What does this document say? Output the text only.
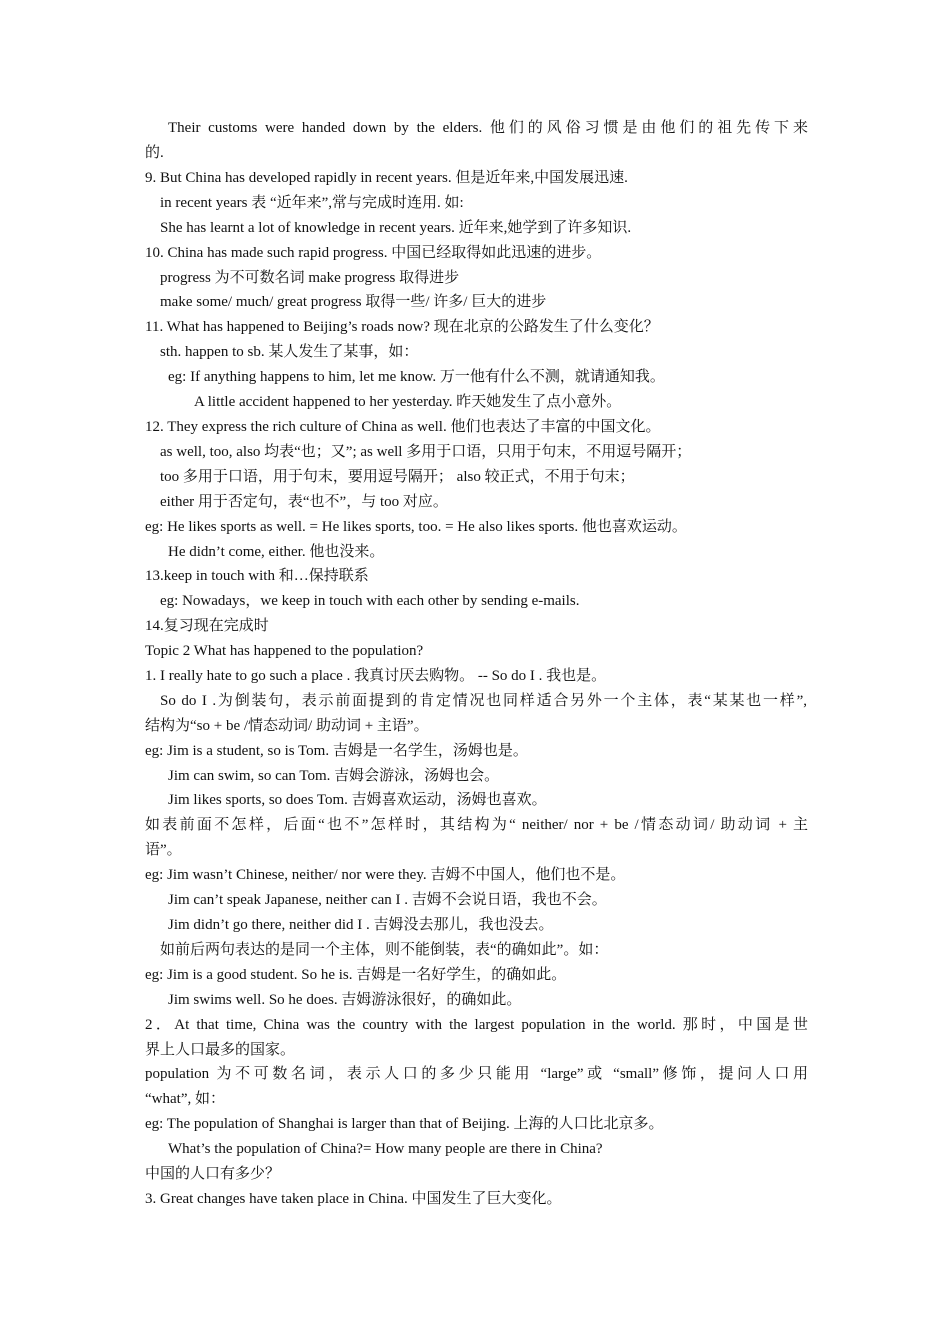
Their customs were handed down by the elders. 他们的风俗习惯是由他们的祖先传下来
的.
9. But China has developed rapidly in recent years. 但是近年来,中国发展迅速.
in recent years 表 “近年来”,常与完成时连用. 如:
She has learnt a lot of knowledge in recent years. 近年来,她学到了许多知识.
10. China has made such rapid progress. 中国已经取得如此迅速的进步。
progress 为不可数名词 make progress 取得进步
make some/ much/ great progress 取得一些/ 许多/ 巨大的进步
11. What has happened to Beijing’s roads now? 现在北京的公路发生了什么变化？
sth. happen to sb. 某人发生了某事，如：
eg: If anything happens to him, let me know. 万一他有什么不测，就请通知我。
A little accident happened to her yesterday. 昨天她发生了点小意外。
12. They express the rich culture of China as well. 他们也表达了丰富的中国文化。
as well, too, also 均表“也；又”; as well 多用于口语，只用于句末，不用逗号隔开；
too 多用于口语，用于句末，要用逗号隔开； also 较正式，不用于句末；
either 用于否定句，表“也不”，与 too 对应。
eg: He likes sports as well. = He likes sports, too. = He also likes sports. 他也喜欢运动。
He didn’t come, either. 他也没来。
13.keep in touch with 和…保持联系
eg: Nowadays，we keep in touch with each other by sending e-mails.
14.复习现在完成时
Topic 2 What has happened to the population?
1. I really hate to go such a place . 我真讨厌去购物。 -- So do I . 我也是。
So do I .为倒装句，表示前面提到的肯定情况也同样适合另外一个主体，表“某某也一样”,
结构为“so + be /情态动词/ 助动词 + 主语”。
eg: Jim is a student, so is Tom. 吉姆是一名学生，汤姆也是。
Jim can swim, so can Tom. 吉姆会游泳，汤姆也会。
Jim likes sports, so does Tom. 吉姆喜欢运动，汤姆也喜欢。
如表前面不怎样，后面“也不”怎样时，其结构为“ neither/ nor + be /情态动词/ 助动词 + 主
语”。
eg: Jim wasn’t Chinese, neither/ nor were they. 吉姆不中国人，他们也不是。
Jim can’t speak Japanese, neither can I . 吉姆不会说日语，我也不会。
Jim didn’t go there, neither did I . 吉姆没去那儿，我也没去。
如前后两句表达的是同一个主体，则不能倒装，表“的确如此”。如：
eg: Jim is a good student. So he is. 吉姆是一名好学生，的确如此。
Jim swims well. So he does. 吉姆游泳很好，的确如此。
2．At that time, China was the country with the largest population in the world. 那时，中国是世
界上人口最多的国家。
population 为不可数名词，表示人口的多少只能用 “large”或 “small”修饰，提问人口用
“what”, 如：
eg: The population of Shanghai is larger than that of Beijing. 上海的人口比北京多。
What’s the population of China?= How many people are there in China?
中国的人口有多少？
3. Great changes have taken place in China. 中国发生了巨大变化。
